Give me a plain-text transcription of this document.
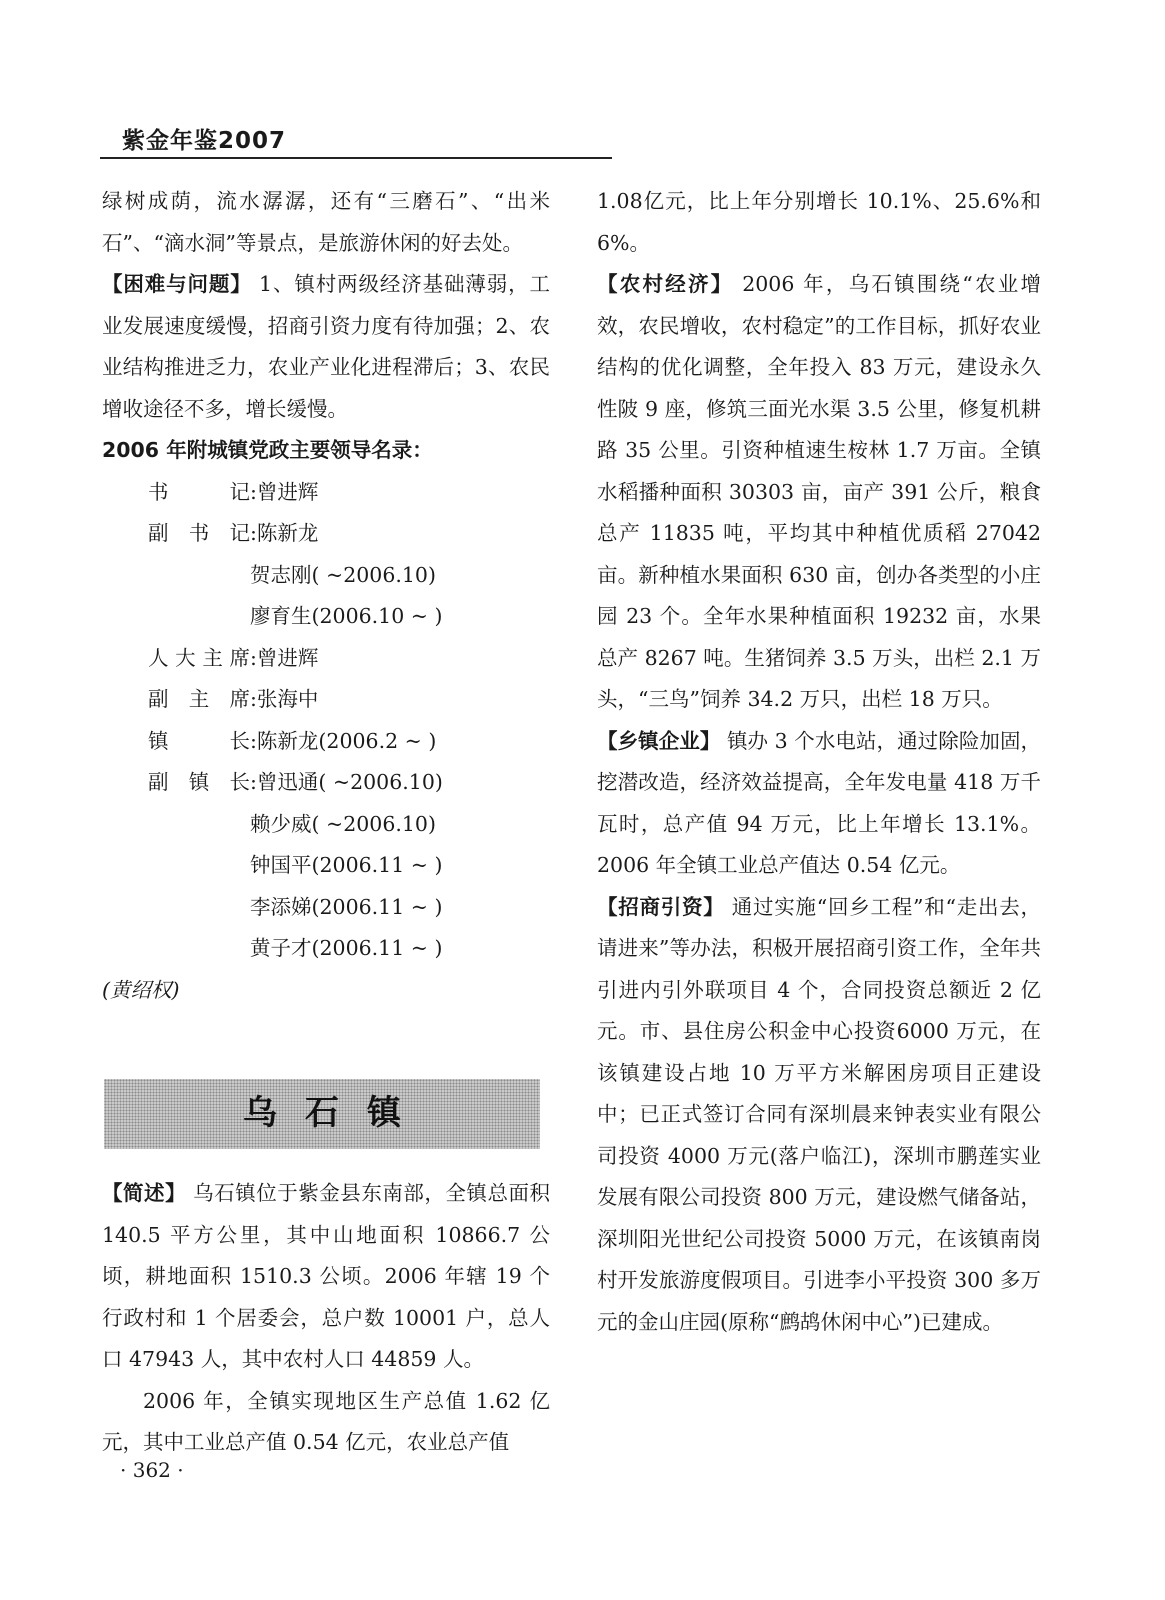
紫金年鉴2007

绿树成荫，流水潺潺，还有“三磨石”、“出米石”、“滴水洞”等景点，是旅游休闲的好去处。

【困难与问题】 1、镇村两级经济基础薄弱，工业发展速度缓慢，招商引资力度有待加强；2、农业结构推进乏力，农业产业化进程滞后；3、农民增收途径不多，增长缓慢。

2006 年附城镇党政主要领导名录：

书记 :曾进辉
副书记 :陈新龙
贺志刚( ~2006.10)
廖育生(2006.10 ~ )
人大主席 :曾进辉
副主席 :张海中
镇长 :陈新龙(2006.2 ~ )
副镇长 :曾迅通( ~2006.10)
赖少威( ~2006.10)
钟国平(2006.11 ~ )
李添娣(2006.11 ~ )
黄子才(2006.11 ~ )

(黄绍权)

乌石镇

【简述】 乌石镇位于紫金县东南部，全镇总面积 140.5 平方公里，其中山地面积 10866.7 公顷，耕地面积 1510.3 公顷。2006 年辖 19 个行政村和 1 个居委会，总户数 10001 户，总人口 47943 人，其中农村人口 44859 人。

2006 年，全镇实现地区生产总值 1.62 亿元，其中工业总产值 0.54 亿元，农业总产值

1.08亿元，比上年分别增长 10.1%、25.6%和 6%。

【农村经济】 2006 年，乌石镇围绕“农业增效，农民增收，农村稳定”的工作目标，抓好农业结构的优化调整，全年投入 83 万元，建设永久性陂 9 座，修筑三面光水渠 3.5 公里，修复机耕路 35 公里。引资种植速生桉林 1.7 万亩。全镇水稻播种面积 30303 亩，亩产 391 公斤，粮食总产 11835 吨，平均其中种植优质稻 27042 亩。新种植水果面积 630 亩，创办各类型的小庄园 23 个。全年水果种植面积 19232 亩，水果总产 8267 吨。生猪饲养 3.5 万头，出栏 2.1 万头，“三鸟”饲养 34.2 万只，出栏 18 万只。

【乡镇企业】 镇办 3 个水电站，通过除险加固，挖潜改造，经济效益提高，全年发电量 418 万千瓦时，总产值 94 万元，比上年增长 13.1%。2006 年全镇工业总产值达 0.54 亿元。

【招商引资】 通过实施“回乡工程”和“走出去，请进来”等办法，积极开展招商引资工作，全年共引进内引外联项目 4 个，合同投资总额近 2 亿元。市、县住房公积金中心投资6000 万元，在该镇建设占地 10 万平方米解困房项目正建设中；已正式签订合同有深圳晨来钟表实业有限公司投资 4000 万元(落户临江)，深圳市鹏莲实业发展有限公司投资 800 万元，建设燃气储备站，深圳阳光世纪公司投资 5000 万元，在该镇南岗村开发旅游度假项目。引进李小平投资 300 多万元的金山庄园(原称“鹧鸪休闲中心”)已建成。

· 362 ·
